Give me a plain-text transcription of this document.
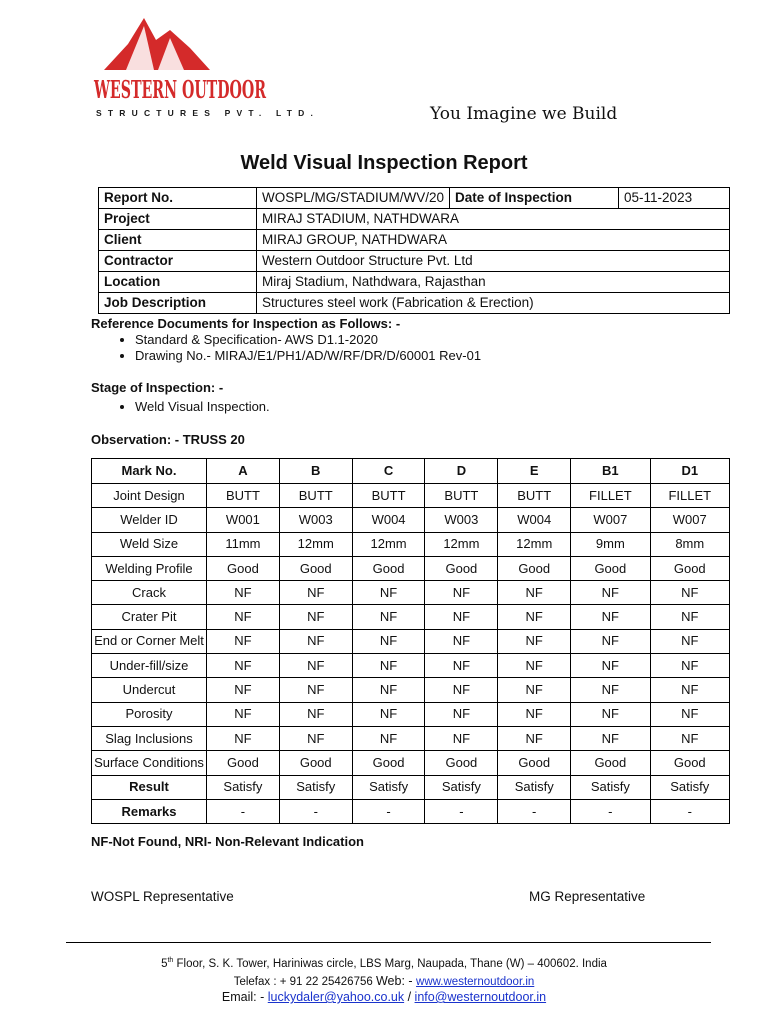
WESTERN OUTDOOR
STRUCTURES PVT. LTD.	You Imagine we Build
Weld Visual Inspection Report
Report No.	WOSPL/MG/STADIUM/WV/20	Date of Inspection	05-11-2023
Project	MIRAJ STADIUM, NATHDWARA		
Client	MIRAJ GROUP, NATHDWARA		
Contractor	Western Outdoor Structure Pvt. Ltd		
Location	Miraj Stadium, Nathdwara, Rajasthan		
Job Description	Structures steel work (Fabrication & Erection)		
Reference Documents for Inspection as Follows: -
• Standard & Specification- AWS D1.1-2020
• Drawing No.- MIRAJ/E1/PH1/AD/W/RF/DR/D/60001 Rev-01
Stage of Inspection: -
• Weld Visual Inspection.
Observation: - TRUSS 20
Mark No.	A	B	C	D	E	B1	D1
Joint Design	BUTT	BUTT	BUTT	BUTT	BUTT	FILLET	FILLET
Welder ID	W001	W003	W004	W003	W004	W007	W007
Weld Size	11mm	12mm	12mm	12mm	12mm	9mm	8mm
Welding Profile	Good	Good	Good	Good	Good	Good	Good
Crack	NF	NF	NF	NF	NF	NF	NF
Crater Pit	NF	NF	NF	NF	NF	NF	NF
End or Corner Melt	NF	NF	NF	NF	NF	NF	NF
Under-fill/size	NF	NF	NF	NF	NF	NF	NF
Undercut	NF	NF	NF	NF	NF	NF	NF
Porosity	NF	NF	NF	NF	NF	NF	NF
Slag Inclusions	NF	NF	NF	NF	NF	NF	NF
Surface Conditions	Good	Good	Good	Good	Good	Good	Good
Result	Satisfy	Satisfy	Satisfy	Satisfy	Satisfy	Satisfy	Satisfy
Remarks	-	-	-	-	-	-	-
NF-Not Found, NRI- Non-Relevant Indication
WOSPL Representative	MG Representative
5th Floor, S. K. Tower, Hariniwas circle, LBS Marg, Naupada, Thane (W) – 400602. India
Telefax : + 91 22 25426756 Web: - www.westernoutdoor.in
Email: - luckydaler@yahoo.co.uk / info@westernoutdoor.in
